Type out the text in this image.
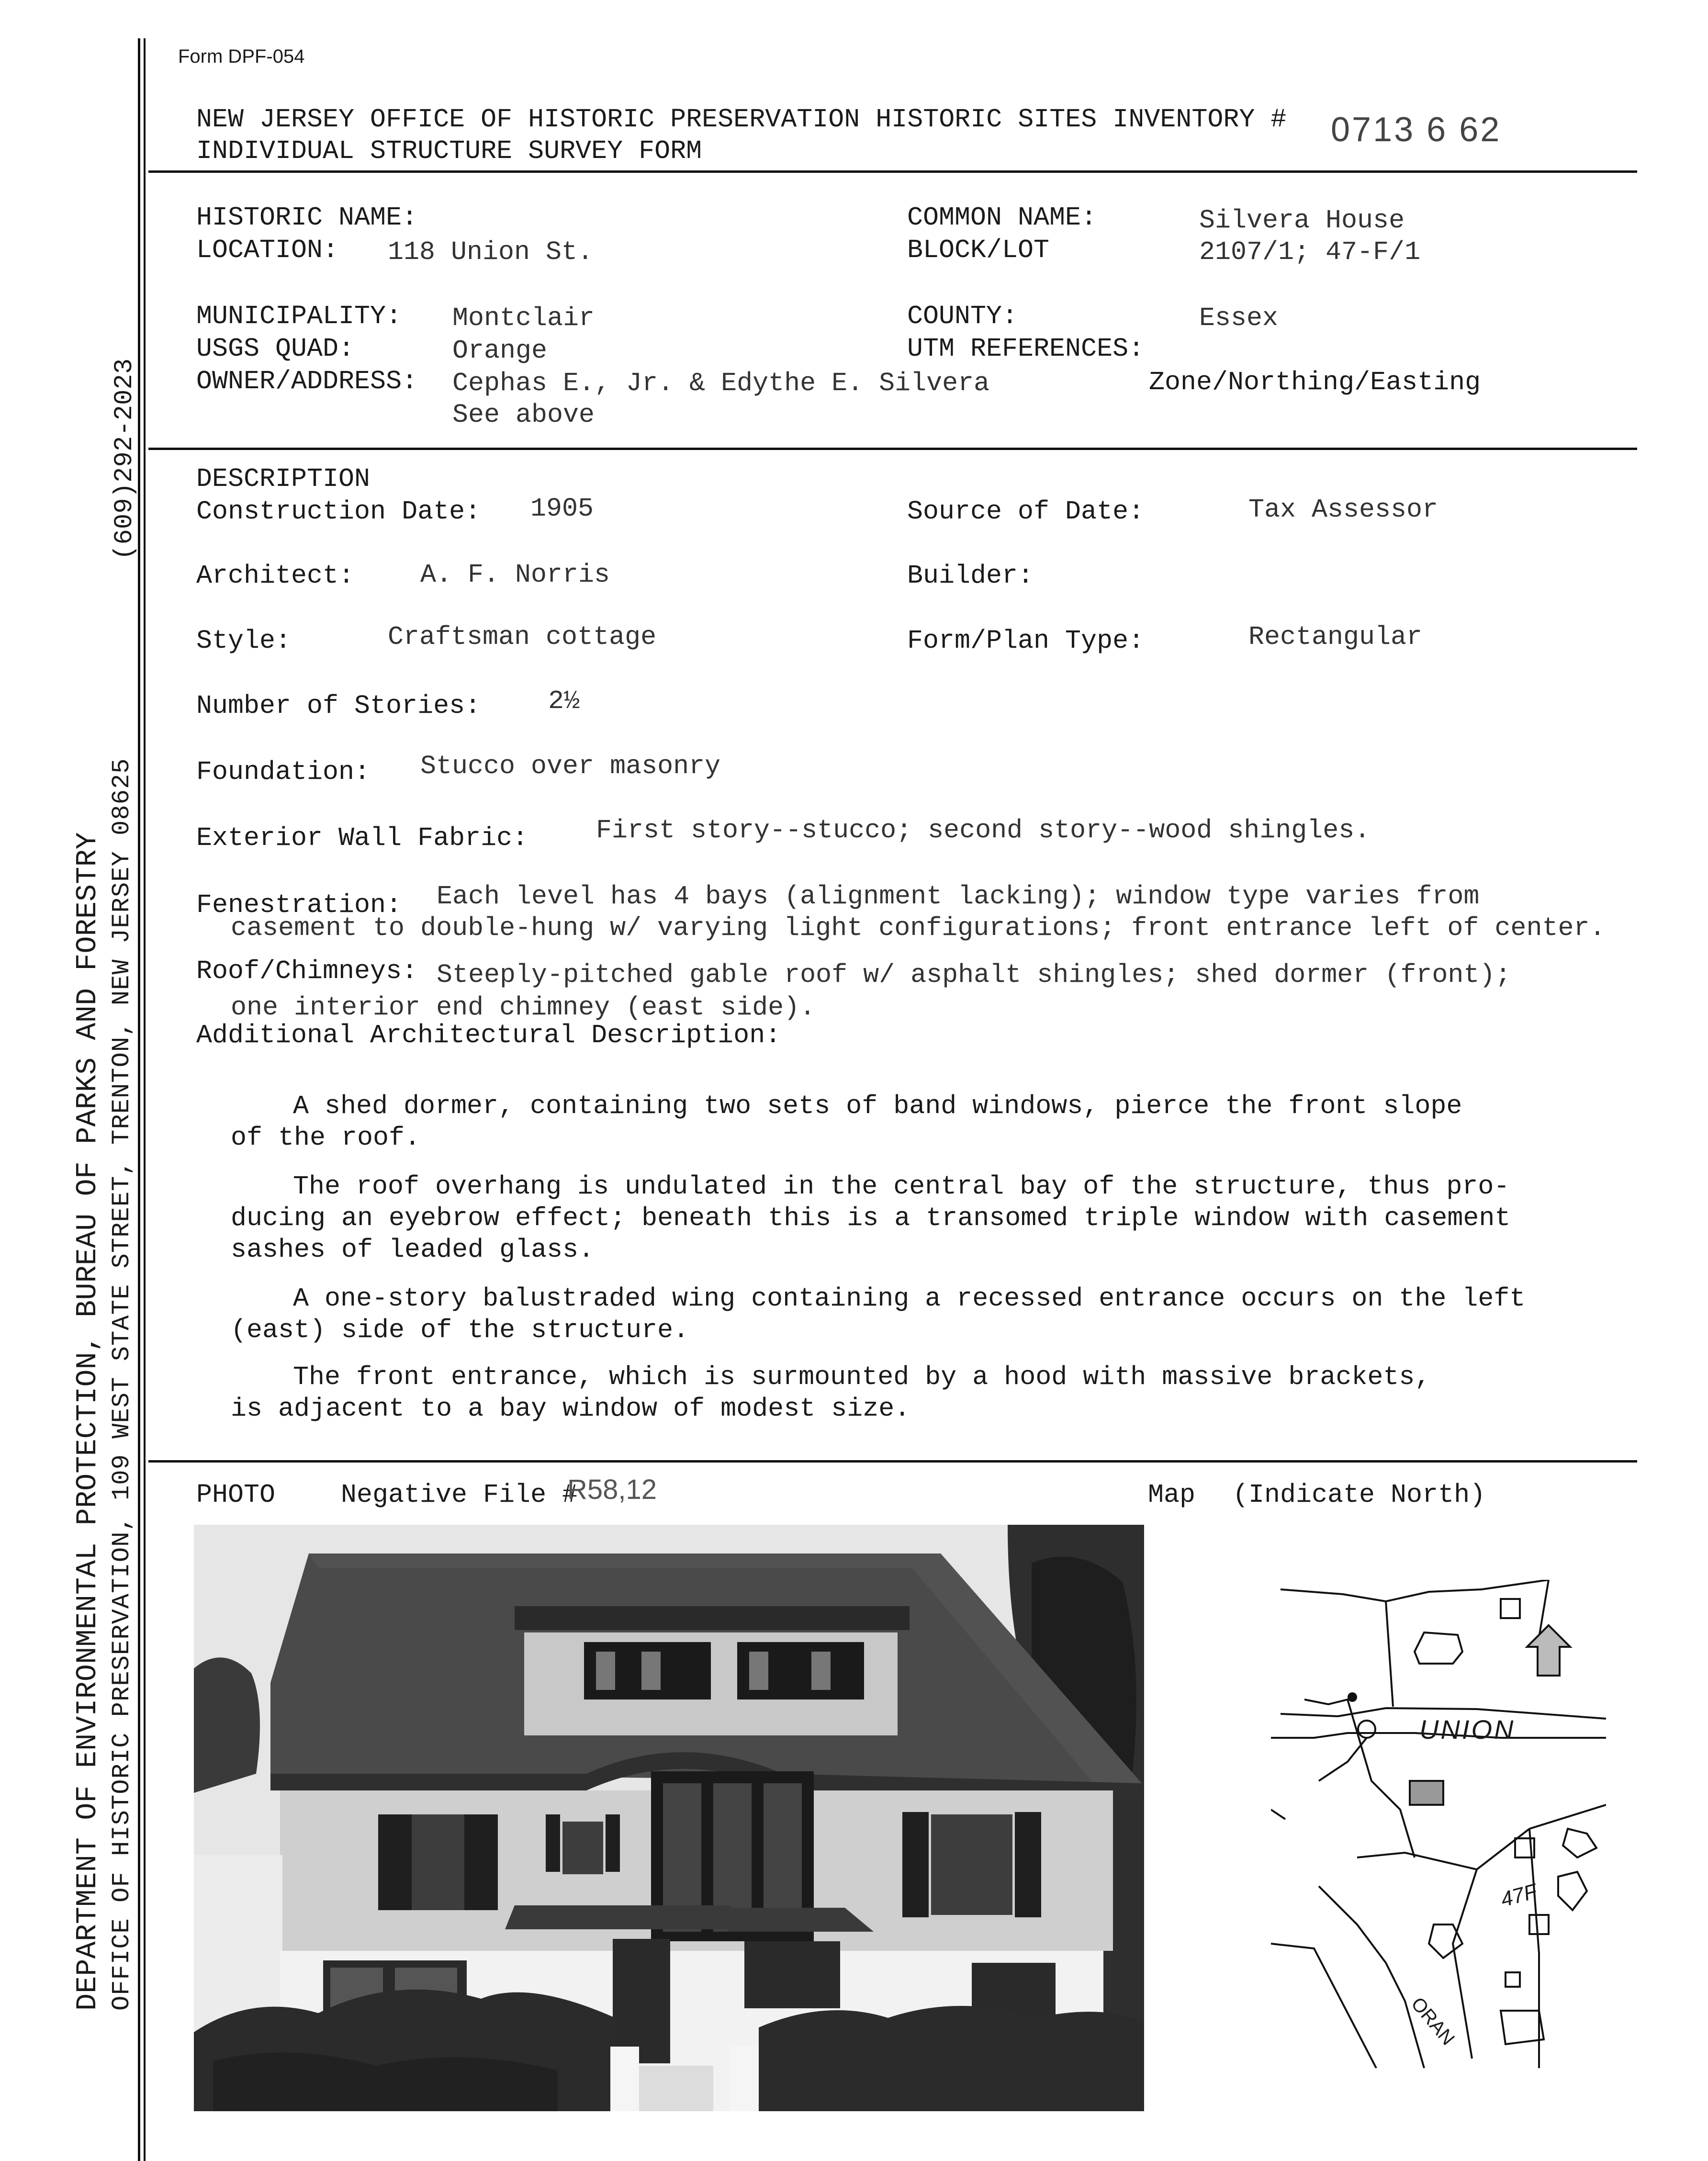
(609)292-2023
DEPARTMENT OF ENVIRONMENTAL PROTECTION, BUREAU OF PARKS AND FORESTRY OFFICE OF HISTORIC PRESERVATION, 109 WEST STATE STREET, TRENTON, NEW JERSEY 08625
Form DPF-054
NEW JERSEY OFFICE OF HISTORIC PRESERVATION HISTORIC SITES INVENTORY # 0713 6 62
INDIVIDUAL STRUCTURE SURVEY FORM
HISTORIC NAME:	COMMON NAME:	Silvera House
LOCATION: 118 Union St.	BLOCK/LOT	2107/1; 47-F/1
MUNICIPALITY: Montclair	COUNTY:	Essex
USGS QUAD:	Orange	UTM REFERENCES:
OWNER/ADDRESS: Cephas E., Jr. & Edythe E. Silvera	Zone/Northing/Easting
See above
DESCRIPTION
Construction Date: 1905	Source of Date:	Tax Assessor
Architect:	A. F. Norris	Builder:
Style:	Craftsman cottage	Form/Plan Type:	Rectangular
Number of Stories:	2½
Foundation: Stucco over masonry
Exterior Wall Fabric:	First story--stucco; second story--wood shingles.
Fenestration: Each level has 4 bays (alignment lacking); window type varies from
casement to double-hung w/ varying light configurations; front entrance left of center.
Roof/Chimneys: Steeply-pitched gable roof w/ asphalt shingles; shed dormer (front);
one interior end chimney (east side).
Additional Architectural Description:
A shed dormer, containing two sets of band windows, pierce the front slope
of the roof.
The roof overhang is undulated in the central bay of the structure, thus pro-
ducing an eyebrow effect; beneath this is a transomed triple window with casement
sashes of leaded glass.
A one-story balustraded wing containing a recessed entrance occurs on the left
(east) side of the structure.
The front entrance, which is surmounted by a hood with massive brackets,
is adjacent to a bay window of modest size.
PHOTO Negative File #
R58,12	Map (Indicate North)
UNION
47F
ORAN
